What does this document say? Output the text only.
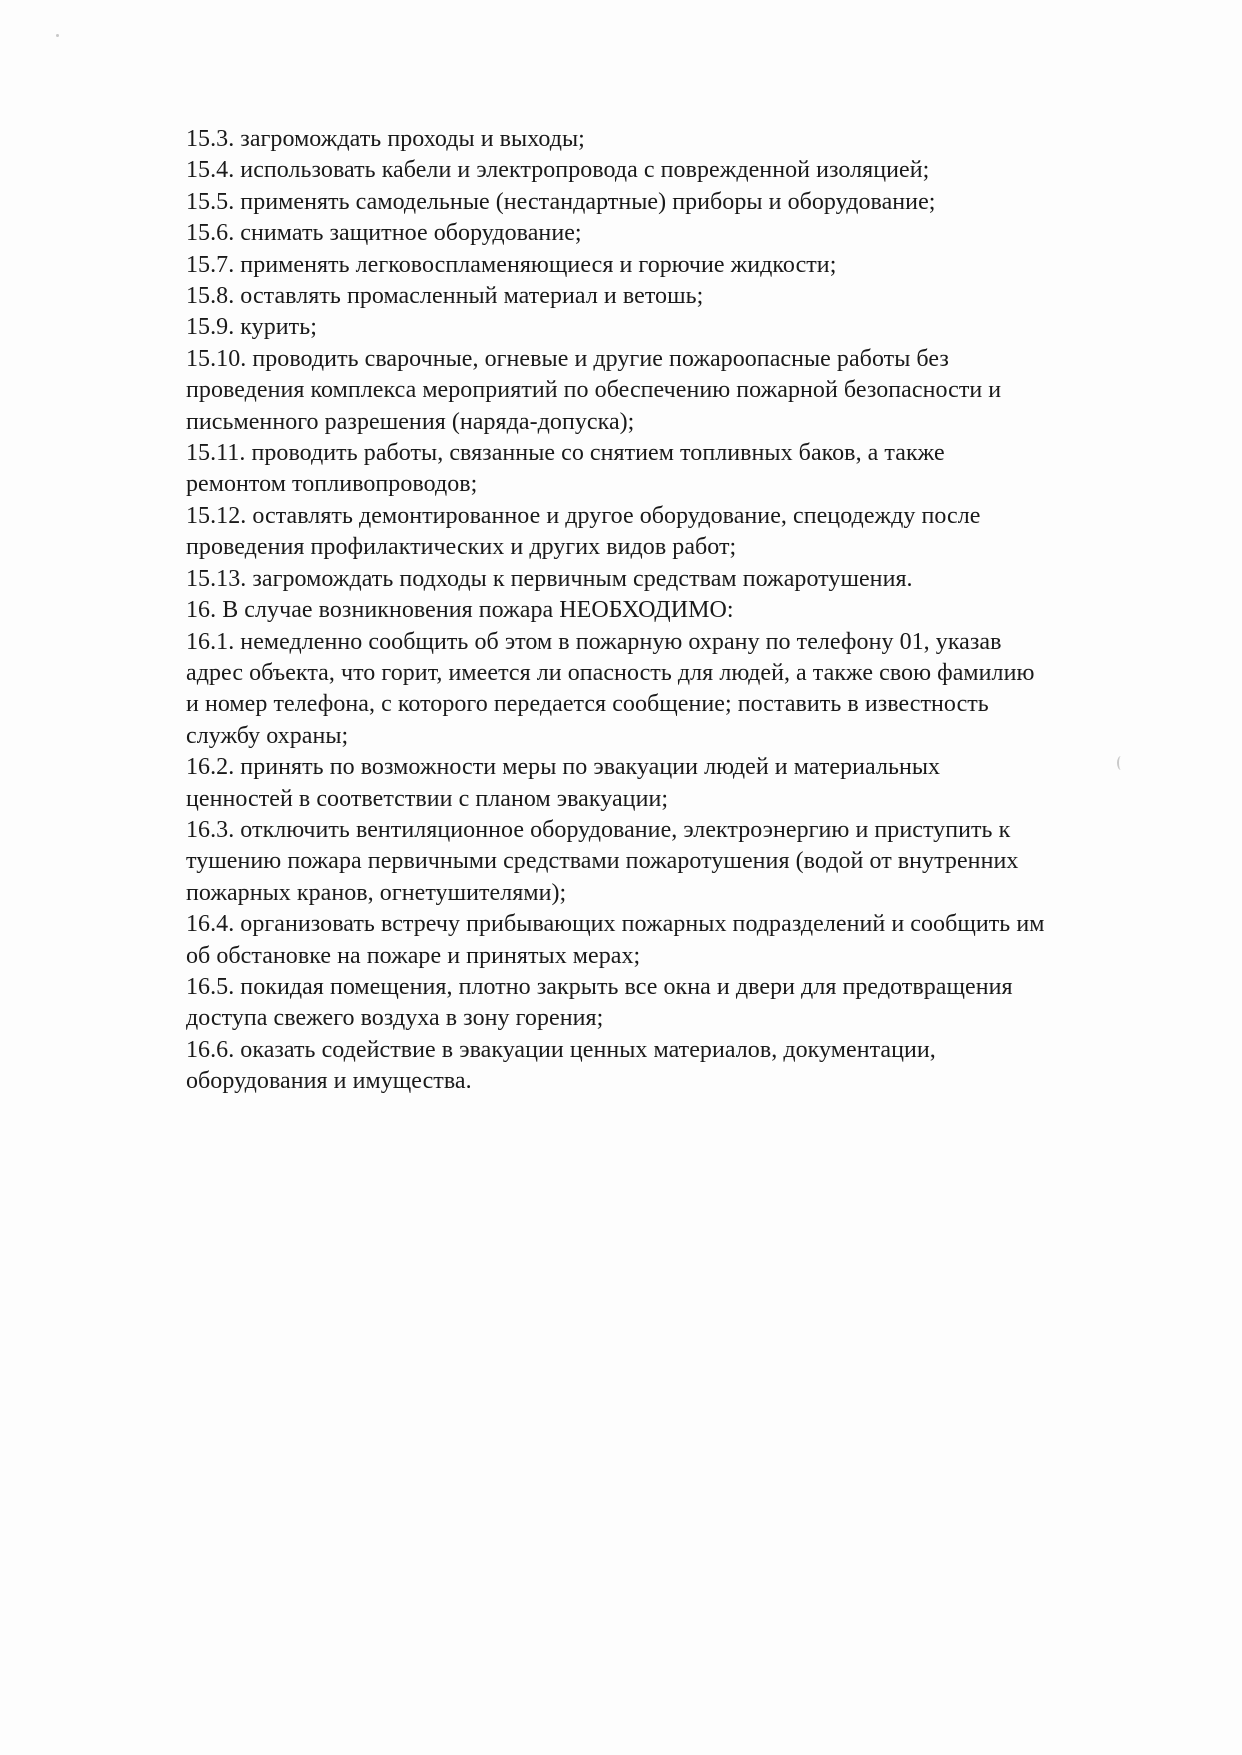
15.3. загромождать проходы и выходы;
15.4. использовать кабели и электропровода с поврежденной изоляцией;
15.5. применять самодельные (нестандартные) приборы и оборудование;
15.6. снимать защитное оборудование;
15.7. применять легковоспламеняющиеся и горючие жидкости;
15.8. оставлять промасленный материал и ветошь;
15.9. курить;
15.10. проводить сварочные, огневые и другие пожароопасные работы без
проведения комплекса мероприятий по обеспечению пожарной безопасности и
письменного разрешения (наряда-допуска);
15.11. проводить работы, связанные со снятием топливных баков, а также
ремонтом топливопроводов;
15.12. оставлять демонтированное и другое оборудование, спецодежду после
проведения профилактических и других видов работ;
15.13. загромождать подходы к первичным средствам пожаротушения.
16. В случае возникновения пожара НЕОБХОДИМО:
16.1. немедленно сообщить об этом в пожарную охрану по телефону 01, указав
адрес объекта, что горит, имеется ли опасность для людей, а также свою фамилию
и номер телефона, с которого передается сообщение; поставить в известность
службу охраны;
16.2. принять по возможности меры по эвакуации людей и материальных
ценностей в соответствии с планом эвакуации;
16.3. отключить вентиляционное оборудование, электроэнергию и приступить к
тушению пожара первичными средствами пожаротушения (водой от внутренних
пожарных кранов, огнетушителями);
16.4. организовать встречу прибывающих пожарных подразделений и сообщить им
об обстановке на пожаре и принятых мерах;
16.5. покидая помещения, плотно закрыть все окна и двери для предотвращения
доступа свежего воздуха в зону горения;
16.6. оказать содействие в эвакуации ценных материалов, документации,
оборудования и имущества.
